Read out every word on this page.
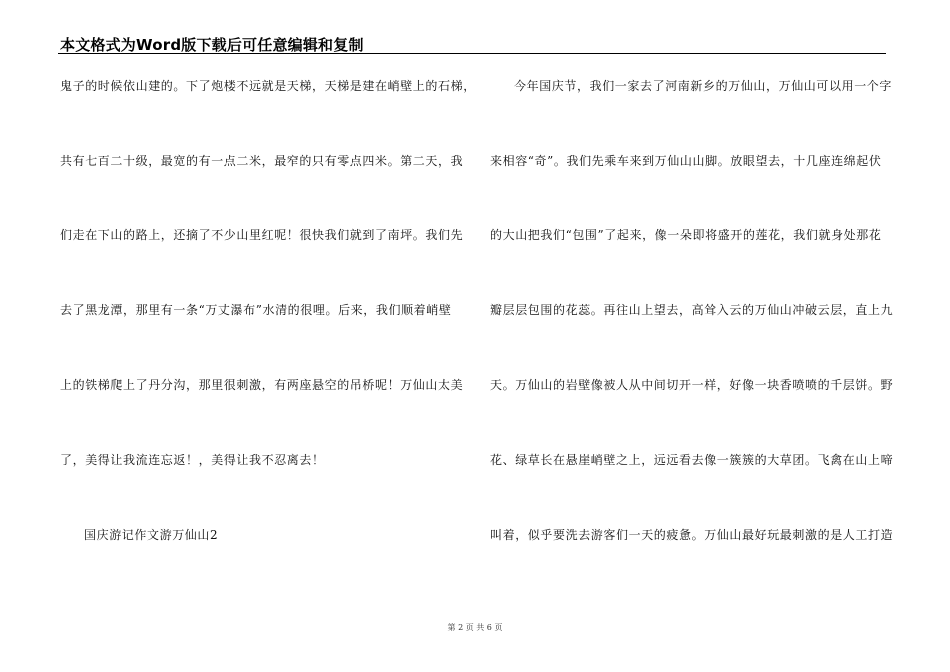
本文格式为Word版下载后可任意编辑和复制
鬼子的时候依山建的。下了炮楼不远就是天梯，天梯是建在峭壁上的石梯，
共有七百二十级，最宽的有一点二米，最窄的只有零点四米。第二天，我
们走在下山的路上，还摘了不少山里红呢！很快我们就到了南坪。我们先
去了黑龙潭，那里有一条“万丈瀑布”水清的很哩。后来，我们顺着峭壁
上的铁梯爬上了丹分沟，那里很刺激，有两座悬空的吊桥呢！万仙山太美
了，美得让我流连忘返！，美得让我不忍离去！
国庆游记作文游万仙山2
今年国庆节，我们一家去了河南新乡的万仙山，万仙山可以用一个字
来相容“奇”。我们先乘车来到万仙山山脚。放眼望去，十几座连绵起伏
的大山把我们“包围”了起来，像一朵即将盛开的莲花，我们就身处那花
瓣层层包围的花蕊。再往山上望去，高耸入云的万仙山冲破云层，直上九
天。万仙山的岩壁像被人从中间切开一样，好像一块香喷喷的千层饼。野
花、绿草长在悬崖峭壁之上，远远看去像一簇簇的大草团。飞禽在山上啼
叫着，似乎要洗去游客们一天的疲惫。万仙山最好玩最刺激的是人工打造
第 2 页 共 6 页
